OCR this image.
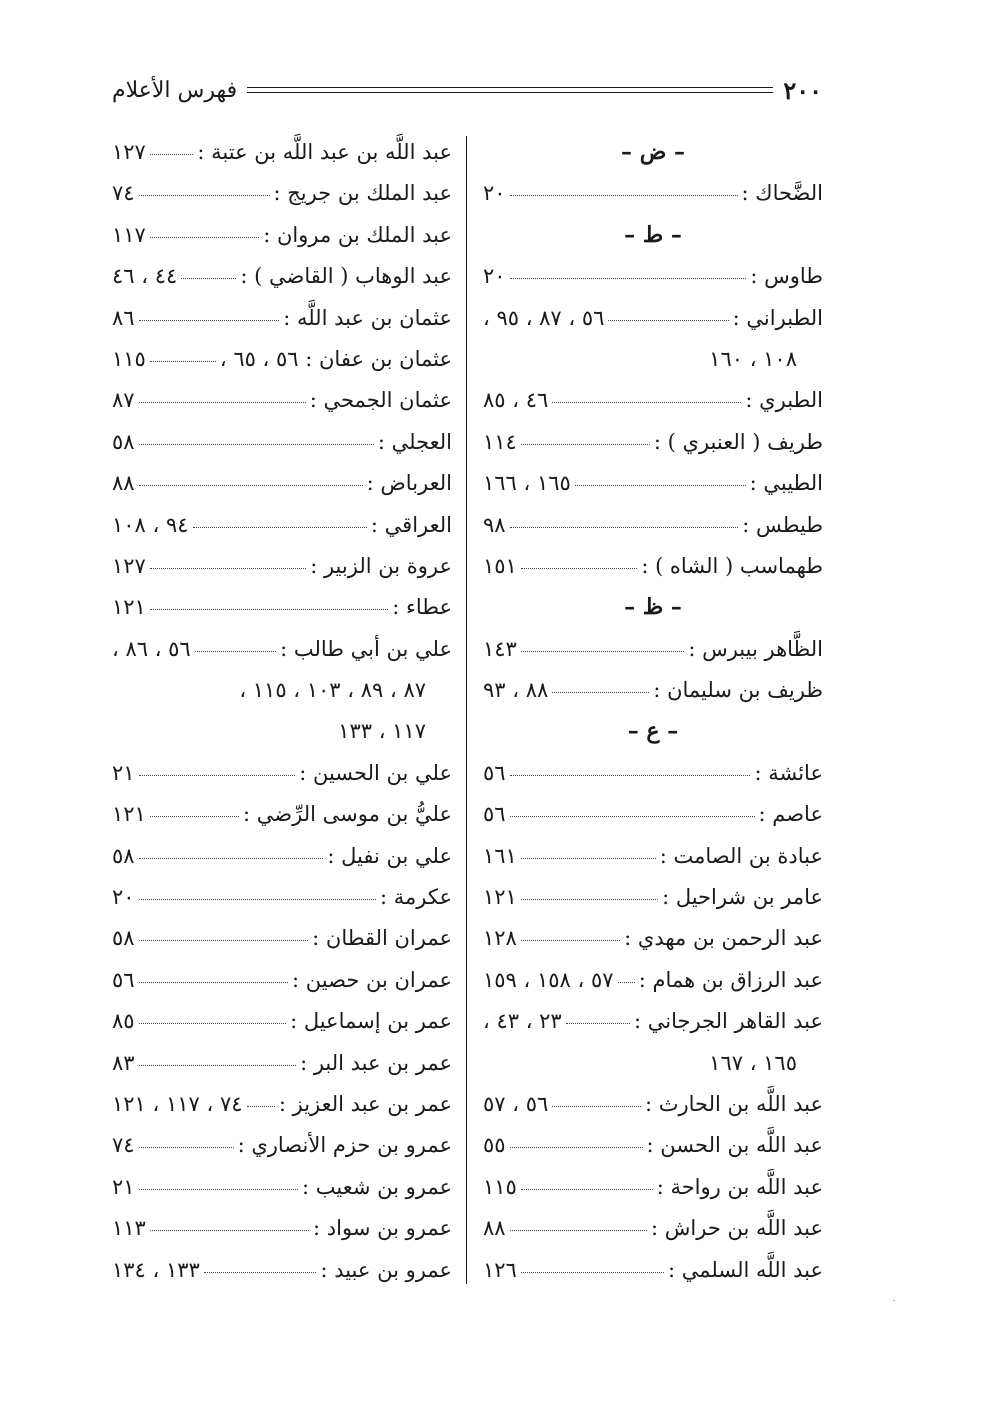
٢٠٠
فهرس الأعلام
– ض –
الضَّحاك :
٢٠
– ط –
طاوس :
٢٠
الطبراني :
٥٦ ، ٨٧ ، ٩٥ ،
١٠٨ ، ١٦٠
الطبري :
٤٦ ، ٨٥
طريف ( العنبري ) :
١١٤
الطيبي :
١٦٥ ، ١٦٦
طيطس :
٩٨
طهماسب ( الشاه ) :
١٥١
– ظ –
الظَّاهر بيبرس :
١٤٣
ظريف بن سليمان :
٨٨ ، ٩٣
– ع –
عائشة :
٥٦
عاصم :
٥٦
عبادة بن الصامت :
١٦١
عامر بن شراحيل :
١٢١
عبد الرحمن بن مهدي :
١٢٨
عبد الرزاق بن همام :
٥٧ ، ١٥٨ ، ١٥٩
عبد القاهر الجرجاني :
٢٣ ، ٤٣ ،
١٦٥ ، ١٦٧
عبد اللَّه بن الحارث :
٥٦ ، ٥٧
عبد اللَّه بن الحسن :
٥٥
عبد اللَّه بن رواحة :
١١٥
عبد اللَّه بن حراش :
٨٨
عبد اللَّه السلمي :
١٢٦
عبد اللَّه بن عبد اللَّه بن عتبة :
١٢٧
عبد الملك بن جريج :
٧٤
عبد الملك بن مروان :
١١٧
عبد الوهاب ( القاضي ) :
٤٤ ، ٤٦
عثمان بن عبد اللَّه :
٨٦
عثمان بن عفان : ٥٦ ، ٦٥ ،
١١٥
عثمان الجمحي :
٨٧
العجلي :
٥٨
العرباض :
٨٨
العراقي :
٩٤ ، ١٠٨
عروة بن الزبير :
١٢٧
عطاء :
١٢١
علي بن أبي طالب :
٥٦ ، ٨٦ ،
٨٧ ، ٨٩ ، ١٠٣ ، ١١٥ ،
١١٧ ، ١٣٣
علي بن الحسين :
٢١
عليُّ بن موسى الرِّضي :
١٢١
علي بن نفيل :
٥٨
عكرمة :
٢٠
عمران القطان :
٥٨
عمران بن حصين :
٥٦
عمر بن إسماعيل :
٨٥
عمر بن عبد البر :
٨٣
عمر بن عبد العزيز :
٧٤ ، ١١٧ ، ١٢١
عمرو بن حزم الأنصاري :
٧٤
عمرو بن شعيب :
٢١
عمرو بن سواد :
١١٣
عمرو بن عبيد :
١٣٣ ، ١٣٤
